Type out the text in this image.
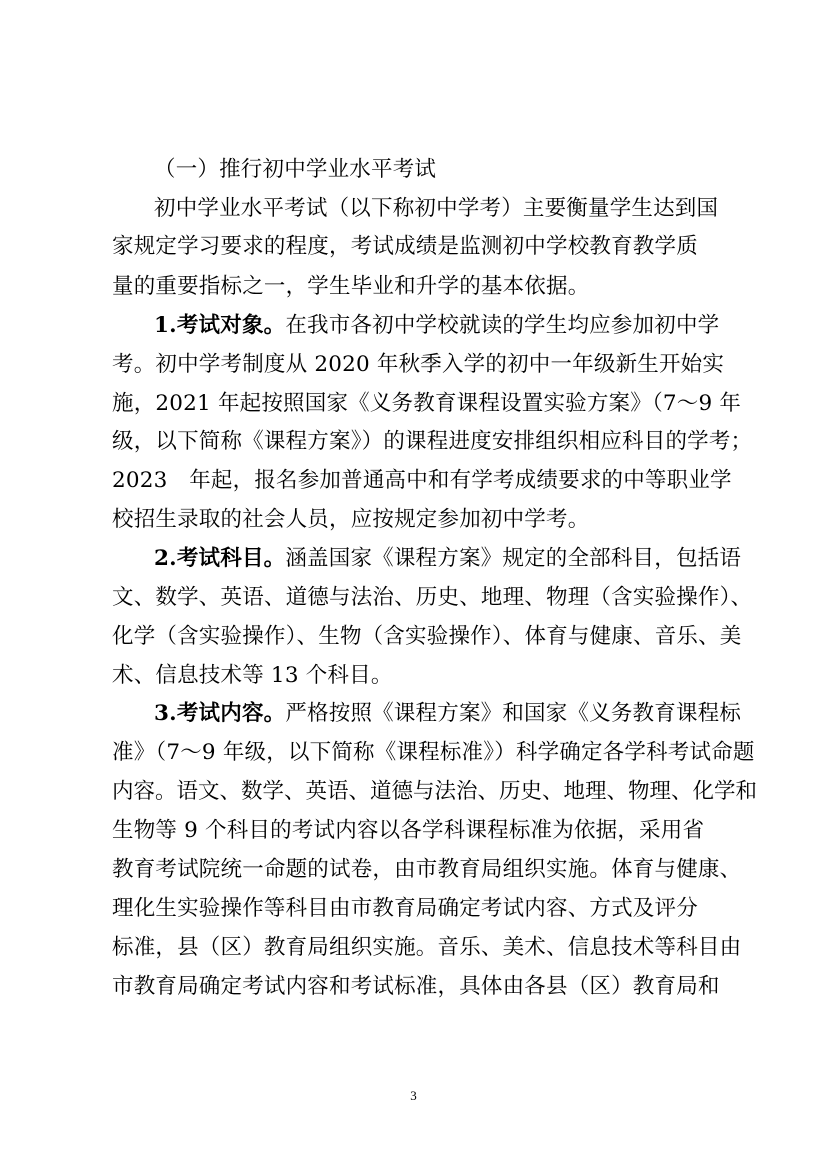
（一）推行初中学业水平考试
初中学业水平考试（以下称初中学考）主要衡量学生达到国
家规定学习要求的程度，考试成绩是监测初中学校教育教学质
量的重要指标之一，学生毕业和升学的基本依据。
1.考试对象。在我市各初中学校就读的学生均应参加初中学
考。初中学考制度从 2020 年秋季入学的初中一年级新生开始实
施，2021 年起按照国家《义务教育课程设置实验方案》（7～9 年
级，以下简称《课程方案》）的课程进度安排组织相应科目的学考；
2023　年起，报名参加普通高中和有学考成绩要求的中等职业学
校招生录取的社会人员，应按规定参加初中学考。
2.考试科目。涵盖国家《课程方案》规定的全部科目，包括语
文、数学、英语、道德与法治、历史、地理、物理（含实验操作）、
化学（含实验操作）、生物（含实验操作）、体育与健康、音乐、美
术、信息技术等 13 个科目。
3.考试内容。严格按照《课程方案》和国家《义务教育课程标
准》（7～9 年级，以下简称《课程标准》）科学确定各学科考试命题
内容。语文、数学、英语、道德与法治、历史、地理、物理、化学和
生物等 9 个科目的考试内容以各学科课程标准为依据，采用省
教育考试院统一命题的试卷，由市教育局组织实施。体育与健康、
理化生实验操作等科目由市教育局确定考试内容、方式及评分
标准，县（区）教育局组织实施。音乐、美术、信息技术等科目由
市教育局确定考试内容和考试标准，具体由各县（区）教育局和
3
